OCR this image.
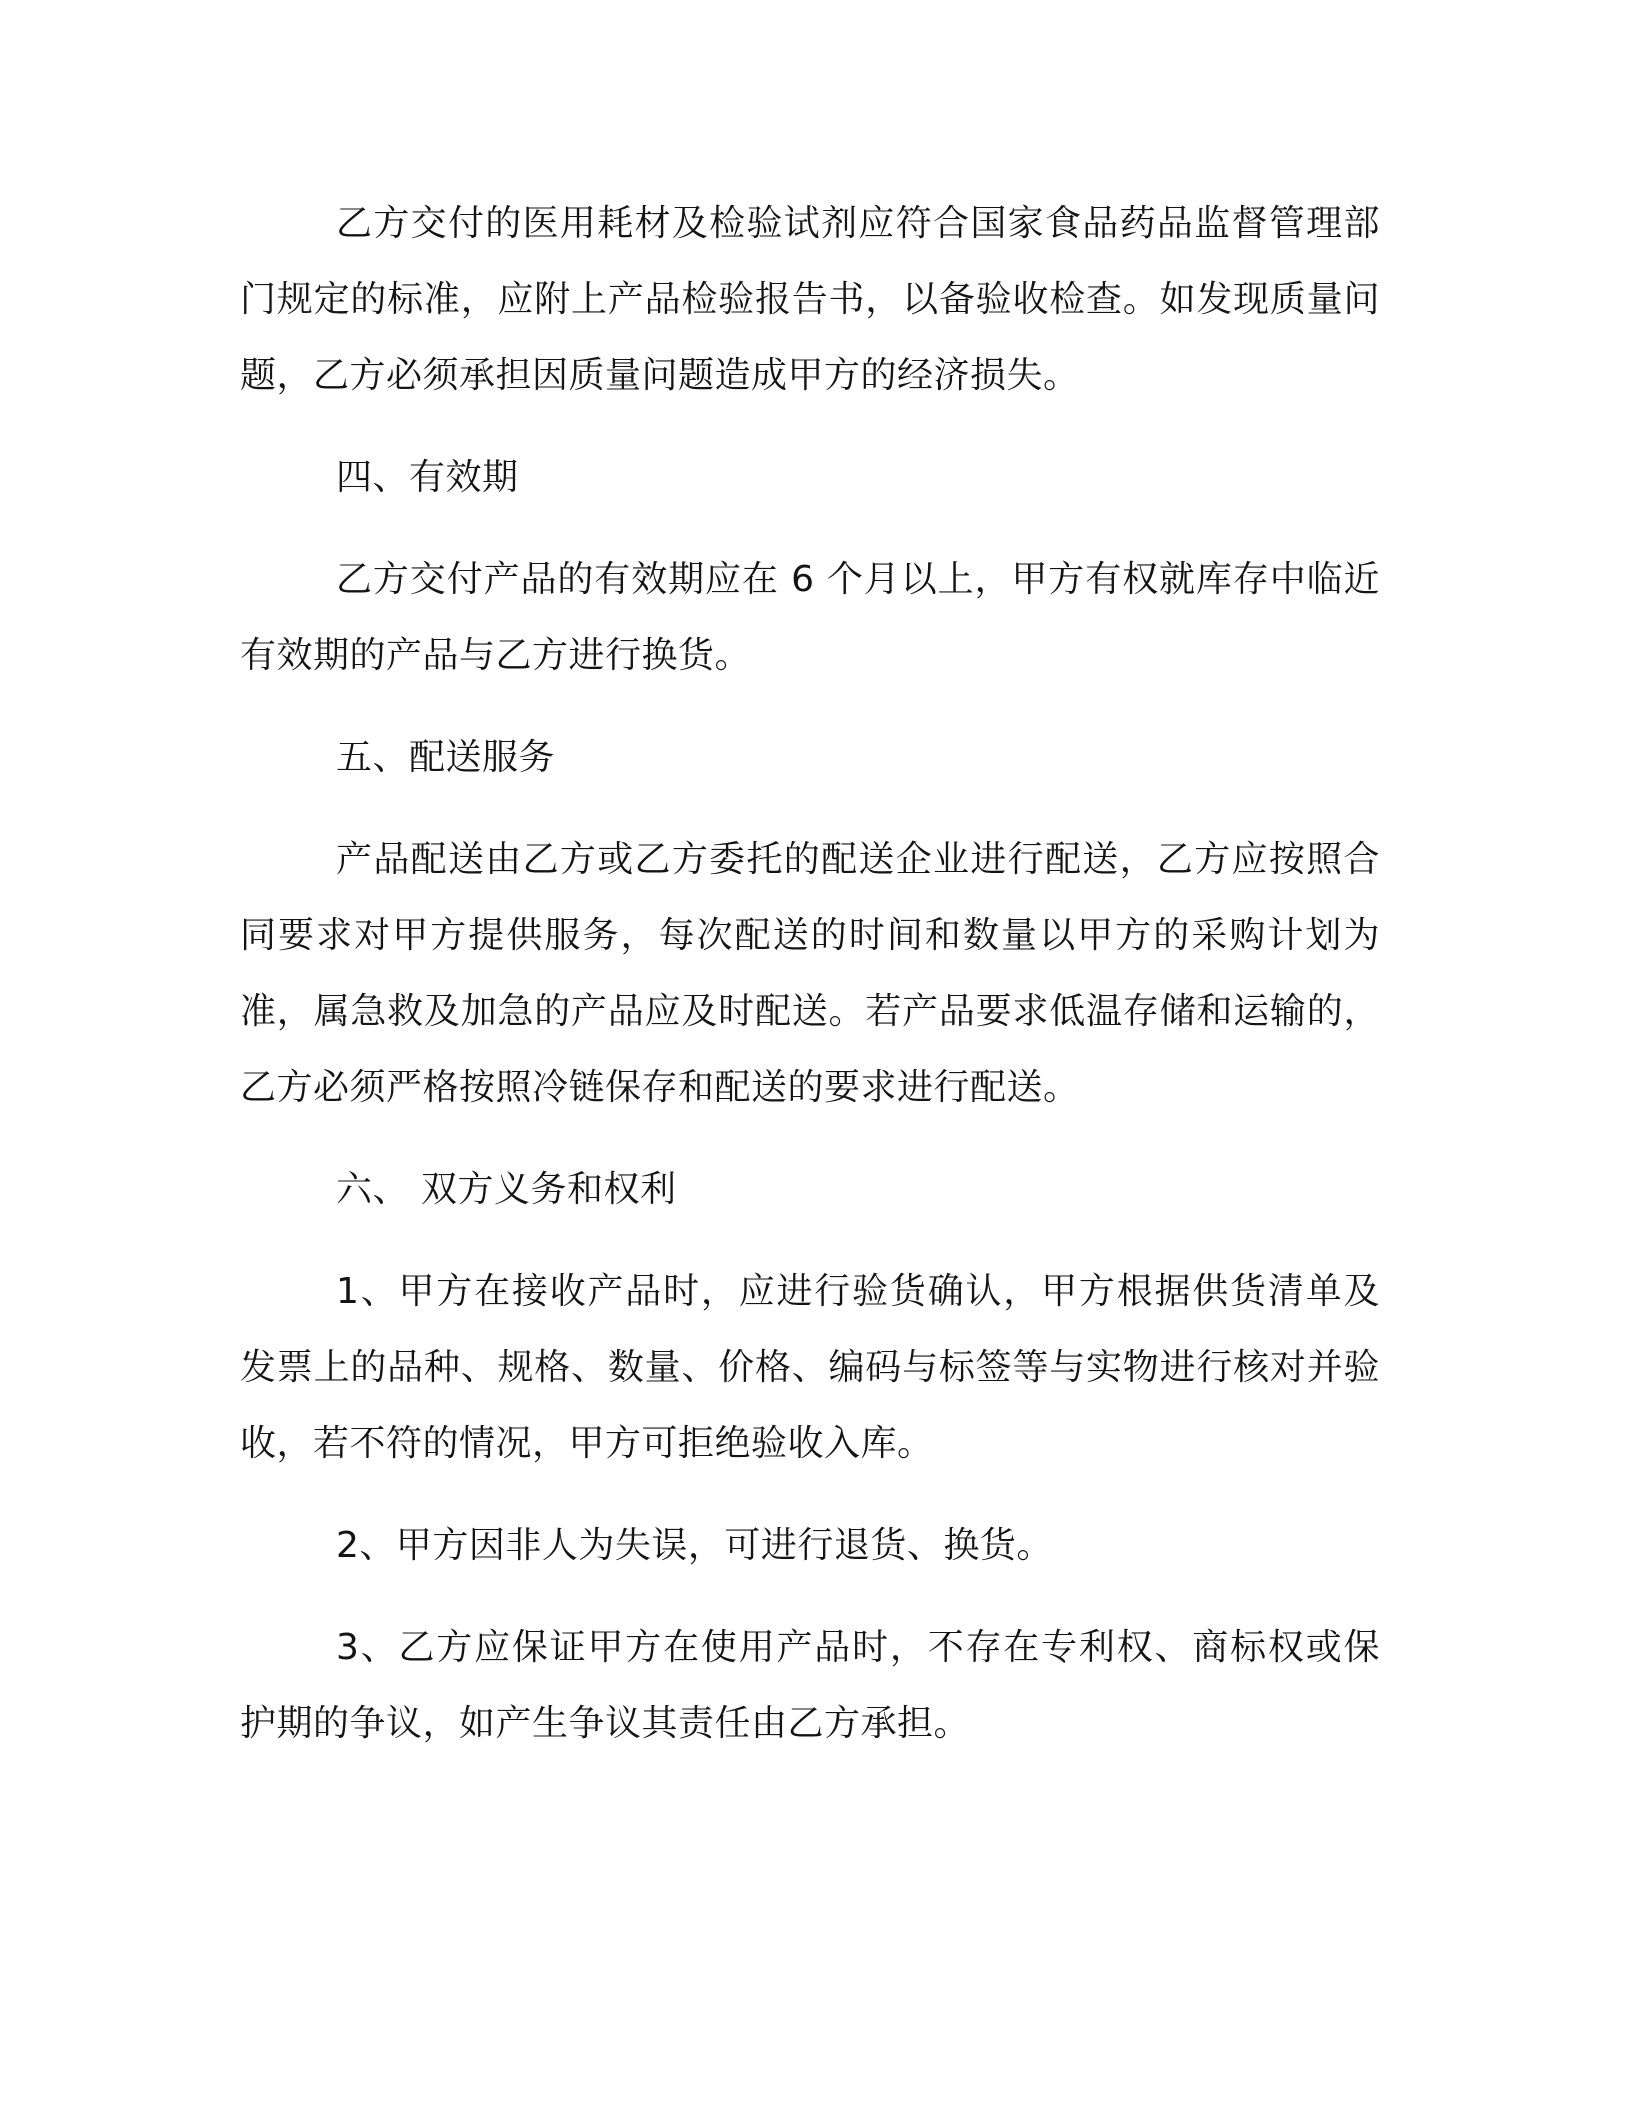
乙方交付的医用耗材及检验试剂应符合国家食品药品监督管理部门规定的标准，应附上产品检验报告书，以备验收检查。如发现质量问题，乙方必须承担因质量问题造成甲方的经济损失。

四、有效期

乙方交付产品的有效期应在 6 个月以上，甲方有权就库存中临近有效期的产品与乙方进行换货。

五、配送服务

产品配送由乙方或乙方委托的配送企业进行配送，乙方应按照合同要求对甲方提供服务，每次配送的时间和数量以甲方的采购计划为准，属急救及加急的产品应及时配送。若产品要求低温存储和运输的，乙方必须严格按照冷链保存和配送的要求进行配送。

六、 双方义务和权利

1、甲方在接收产品时，应进行验货确认，甲方根据供货清单及发票上的品种、规格、数量、价格、编码与标签等与实物进行核对并验收，若不符的情况，甲方可拒绝验收入库。

2、甲方因非人为失误，可进行退货、换货。

3、乙方应保证甲方在使用产品时，不存在专利权、商标权或保护期的争议，如产生争议其责任由乙方承担。
